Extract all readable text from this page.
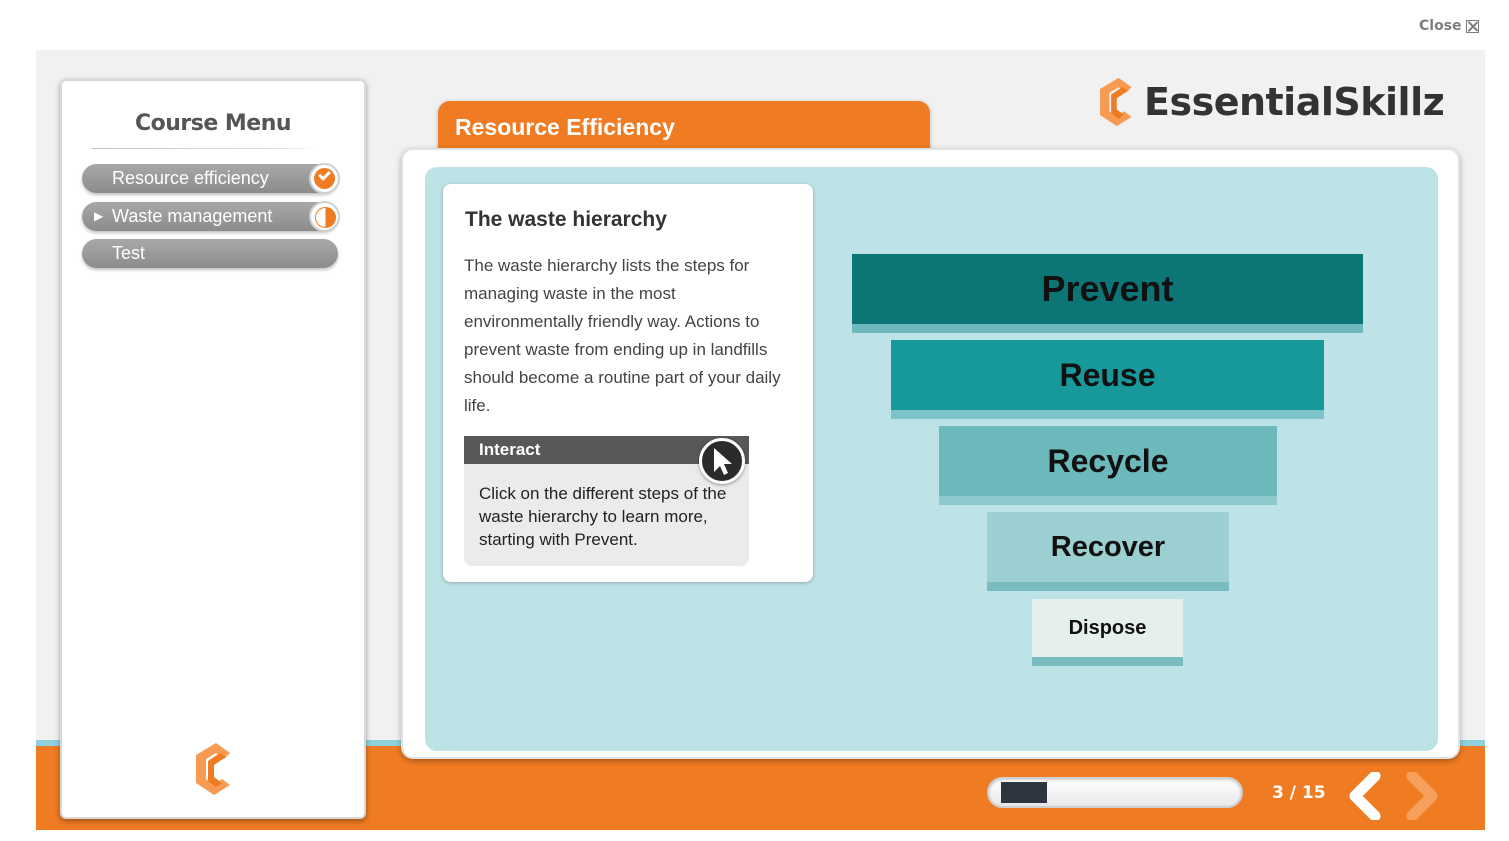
Close
Course Menu
Resource efficiency
▶ Waste management
Test
EssentialSkillz
Resource Efficiency
The waste hierarchy
The waste hierarchy lists the steps for managing waste in the most environmentally friendly way. Actions to prevent waste from ending up in landfills should become a routine part of your daily life.
Interact
Click on the different steps of the waste hierarchy to learn more, starting with Prevent.
Prevent
Reuse
Recycle
Recover
Dispose
3 / 15
